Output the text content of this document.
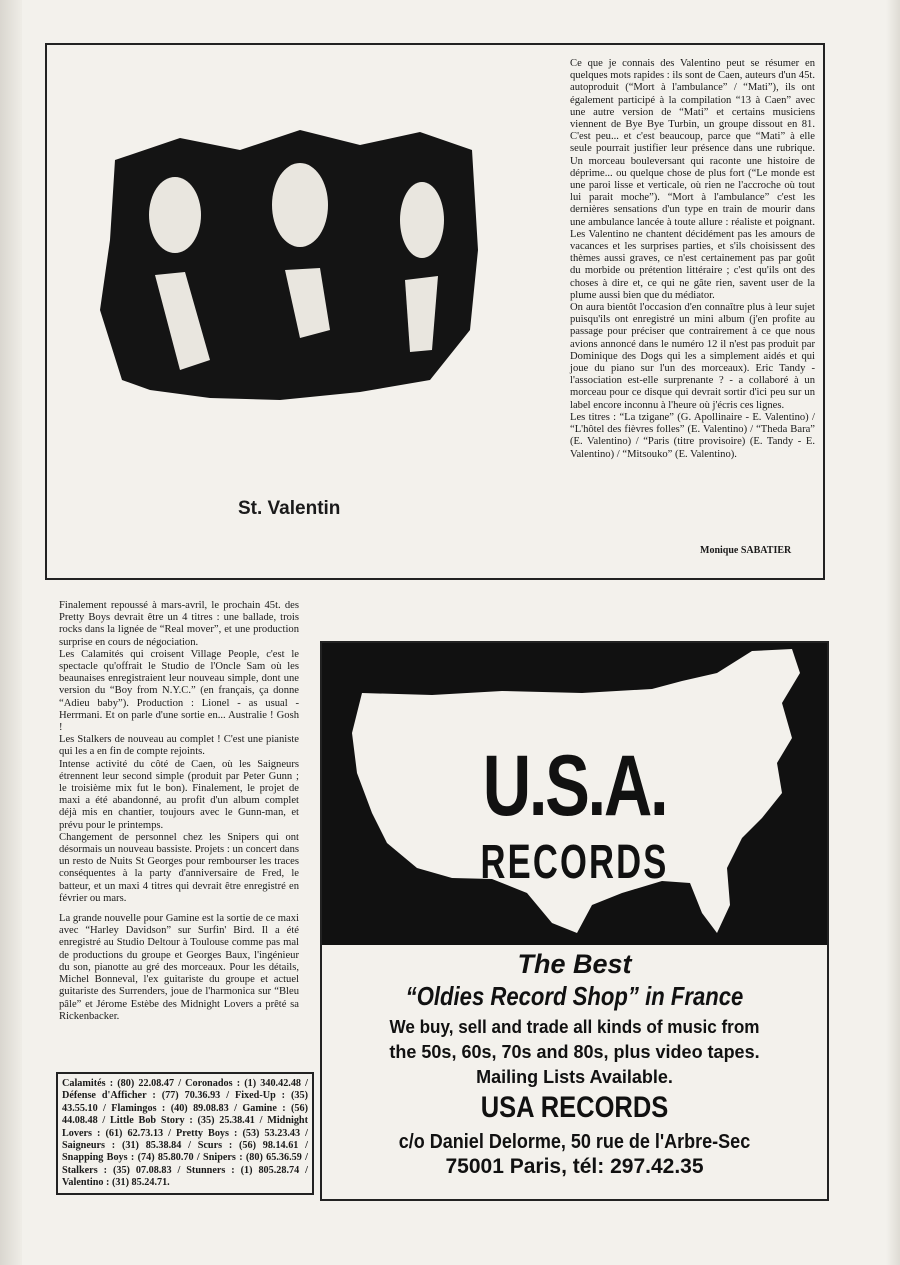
St. Valentin

Ce que je connais des Valentino peut se résumer en quelques mots rapides : ils sont de Caen, auteurs d'un 45t. autoproduit (“Mort à l'ambulance” / “Mati”), ils ont également participé à la compilation “13 à Caen” avec une autre version de “Mati” et certains musiciens viennent de Bye Bye Turbin, un groupe dissout en 81. C'est peu... et c'est beaucoup, parce que “Mati” à elle seule pourrait justifier leur présence dans une rubrique. Un morceau bouleversant qui raconte une histoire de déprime... ou quelque chose de plus fort (“Le monde est une paroi lisse et verticale, où rien ne l'accroche où tout lui parait moche”). “Mort à l'ambulance” c'est les dernières sensations d'un type en train de mourir dans une ambulance lancée à toute allure : réaliste et poignant. Les Valentino ne chantent décidément pas les amours de vacances et les surprises parties, et s'ils choisissent des thèmes aussi graves, ce n'est certainement pas par goût du morbide ou prétention littéraire ; c'est qu'ils ont des choses à dire et, ce qui ne gâte rien, savent user de la plume aussi bien que du médiator.

On aura bientôt l'occasion d'en connaître plus à leur sujet puisqu'ils ont enregistré un mini album (j'en profite au passage pour préciser que contrairement à ce que nous avions annoncé dans le numéro 12 il n'est pas produit par Dominique des Dogs qui les a simplement aidés et qui joue du piano sur l'un des morceaux). Eric Tandy - l'association est-elle surprenante ? - a collaboré à un morceau pour ce disque qui devrait sortir d'ici peu sur un label encore inconnu à l'heure où j'écris ces lignes.

Les titres : “La tzigane” (G. Apollinaire - E. Valentino) / “L'hôtel des fièvres folles” (E. Valentino) / “Theda Bara” (E. Valentino) / “Paris (titre provisoire) (E. Tandy - E. Valentino) / “Mitsouko” (E. Valentino).

Monique SABATIER

Finalement repoussé à mars-avril, le prochain 45t. des Pretty Boys devrait être un 4 titres : une ballade, trois rocks dans la lignée de “Real mover”, et une production surprise en cours de négociation.

Les Calamités qui croisent Village People, c'est le spectacle qu'offrait le Studio de l'Oncle Sam où les beaunaises enregistraient leur nouveau simple, dont une version du “Boy from N.Y.C.” (en français, ça donne “Adieu baby”). Production : Lionel - as usual - Herrmani. Et on parle d'une sortie en... Australie ! Gosh !

Les Stalkers de nouveau au complet ! C'est une pianiste qui les a en fin de compte rejoints.

Intense activité du côté de Caen, où les Saigneurs étrennent leur second simple (produit par Peter Gunn ; le troisième mix fut le bon). Finalement, le projet de maxi a été abandonné, au profit d'un album complet déjà mis en chantier, toujours avec le Gunn-man, et prévu pour le printemps.

Changement de personnel chez les Snipers qui ont désormais un nouveau bassiste. Projets : un concert dans un resto de Nuits St Georges pour rembourser les traces conséquentes à la party d'anniversaire de Fred, le batteur, et un maxi 4 titres qui devrait être enregistré en février ou mars.

La grande nouvelle pour Gamine est la sortie de ce maxi avec “Harley Davidson” sur Surfin' Bird. Il a été enregistré au Studio Deltour à Toulouse comme pas mal de productions du groupe et Georges Baux, l'ingénieur du son, pianotte au gré des morceaux. Pour les détails, Michel Bonneval, l'ex guitariste du groupe et actuel guitariste des Surrenders, joue de l'harmonica sur “Bleu pâle” et Jérome Estèbe des Midnight Lovers a prêté sa Rickenbacker.

Calamités : (80) 22.08.47 / Coronados : (1) 340.42.48 / Défense d'Afficher : (77) 70.36.93 / Fixed-Up : (35) 43.55.10 / Flamingos : (40) 89.08.83 / Gamine : (56) 44.08.48 / Little Bob Story : (35) 25.38.41 / Midnight Lovers : (61) 62.73.13 / Pretty Boys : (53) 53.23.43 / Saigneurs : (31) 85.38.84 / Scurs : (56) 98.14.61 / Snapping Boys : (74) 85.80.70 / Snipers : (80) 65.36.59 / Stalkers : (35) 07.08.83 / Stunners : (1) 805.28.74 / Valentino : (31) 85.24.71.
U.S.A.
RECORDS
The Best
“Oldies Record Shop” in France
We buy, sell and trade all kinds of music from
the 50s, 60s, 70s and 80s, plus video tapes.
Mailing Lists Available.
USA RECORDS
c/o Daniel Delorme, 50 rue de l'Arbre-Sec
75001 Paris, tél: 297.42.35
